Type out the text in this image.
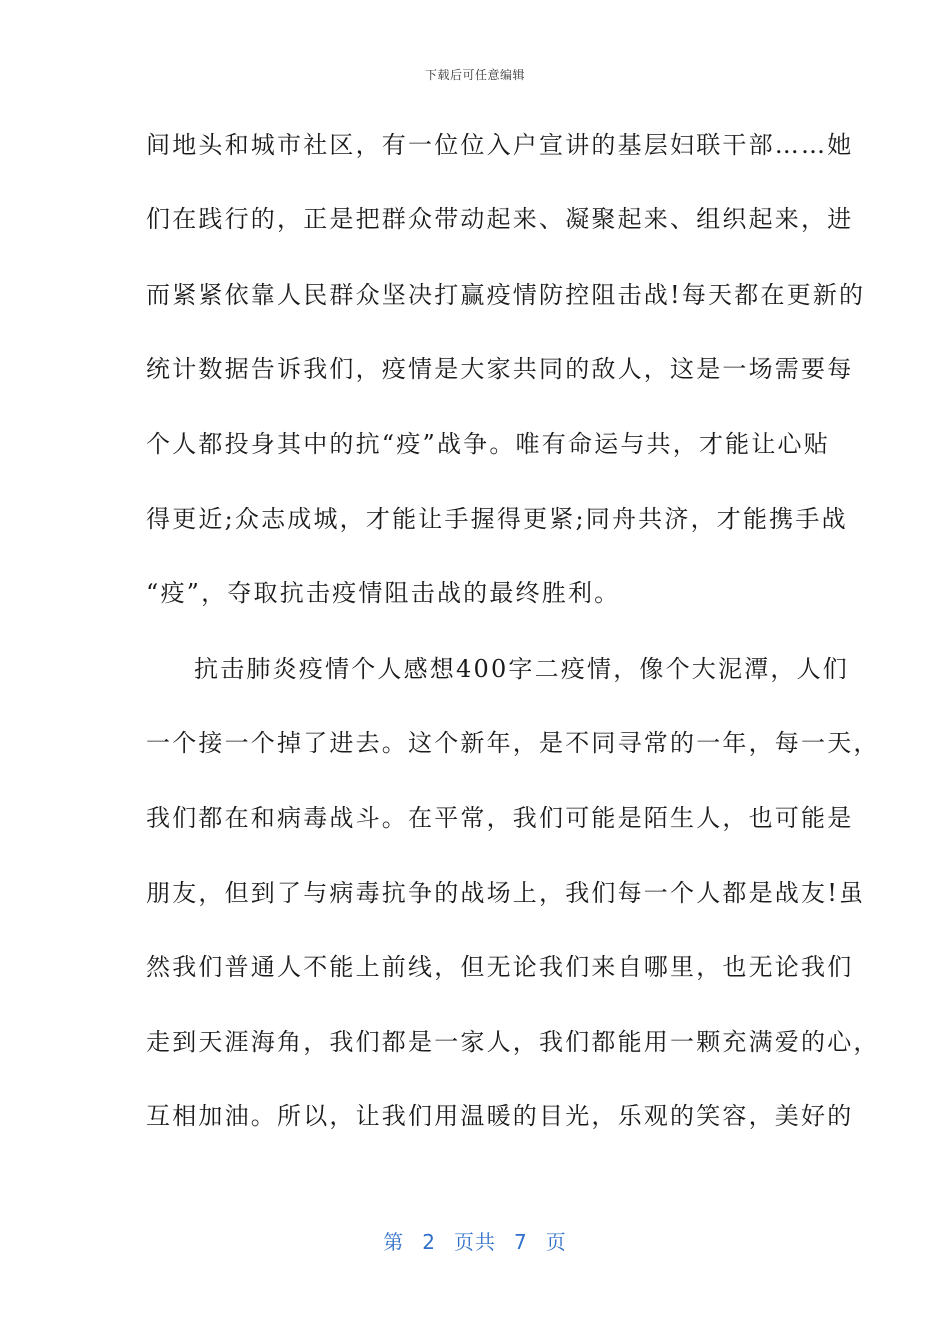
下载后可任意编辑
间地头和城市社区，有一位位入户宣讲的基层妇联干部……她
们在践行的，正是把群众带动起来、凝聚起来、组织起来，进
而紧紧依靠人民群众坚决打赢疫情防控阻击战!每天都在更新的
统计数据告诉我们，疫情是大家共同的敌人，这是一场需要每
个人都投身其中的抗“疫”战争。唯有命运与共，才能让心贴
得更近;众志成城，才能让手握得更紧;同舟共济，才能携手战
“疫”，夺取抗击疫情阻击战的最终胜利。
抗击肺炎疫情个人感想400字二疫情，像个大泥潭，人们
一个接一个掉了进去。这个新年，是不同寻常的一年，每一天，
我们都在和病毒战斗。在平常，我们可能是陌生人，也可能是
朋友，但到了与病毒抗争的战场上，我们每一个人都是战友!虽
然我们普通人不能上前线，但无论我们来自哪里，也无论我们
走到天涯海角，我们都是一家人，我们都能用一颗充满爱的心，
互相加油。所以，让我们用温暖的目光，乐观的笑容，美好的
第 2 页共 7 页
